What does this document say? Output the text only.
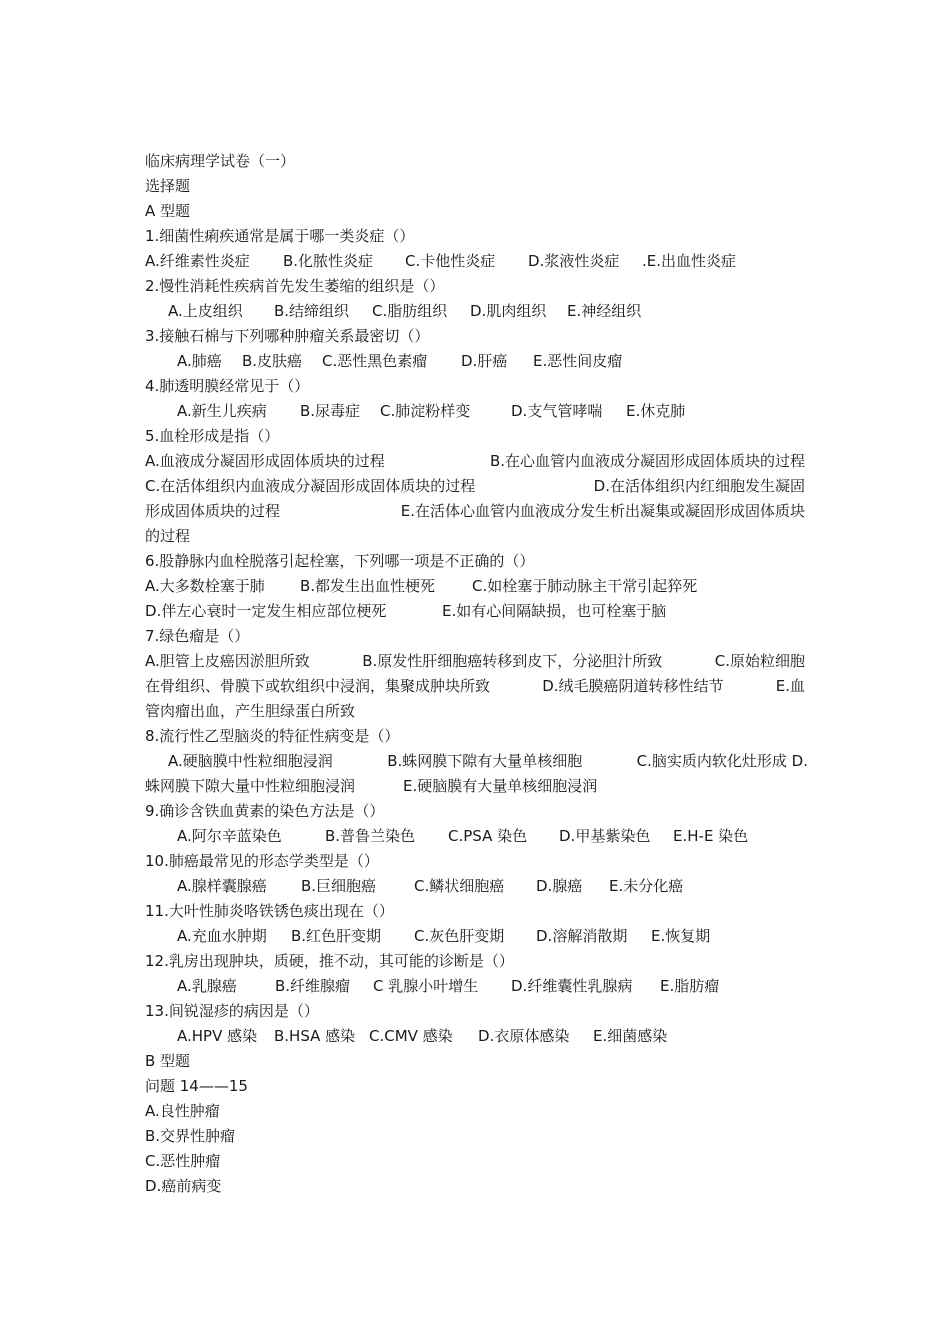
临床病理学试卷（一）
选择题
A 型题
1.细菌性痢疾通常是属于哪一类炎症（）
A.纤维素性炎症 B.化脓性炎症 C.卡他性炎症 D.浆液性炎症 .E.出血性炎症
2.慢性消耗性疾病首先发生萎缩的组织是（）
A.上皮组织 B.结缔组织 C.脂肪组织 D.肌肉组织 E.神经组织
3.接触石棉与下列哪种肿瘤关系最密切（）
A.肺癌 B.皮肤癌 C.恶性黑色素瘤 D.肝癌 E.恶性间皮瘤
4.肺透明膜经常见于（）
A.新生儿疾病 B.尿毒症 C.肺淀粉样变	D.支气管哮喘 E.休克肺
5.血栓形成是指（）
A.血液成分凝固形成固体质块的过程	B.在心血管内血液成分凝固形成固体质块的过程
C.在活体组织内血液成分凝固形成固体质块的过程	D.在活体组织内红细胞发生凝固
形成固体质块的过程	E.在活体心血管内血液成分发生析出凝集或凝固形成固体质块
的过程
6.股静脉内血栓脱落引起栓塞，下列哪一项是不正确的（）
A.大多数栓塞于肺 B.都发生出血性梗死 C.如栓塞于肺动脉主干常引起猝死
D.伴左心衰时一定发生相应部位梗死	E.如有心间隔缺损，也可栓塞于脑
7.绿色瘤是（）
A.胆管上皮癌因淤胆所致	B.原发性肝细胞癌转移到皮下，分泌胆汁所致	C.原始粒细胞
在骨组织、骨膜下或软组织中浸润，集聚成肿块所致	D.绒毛膜癌阴道转移性结节	E.血
管肉瘤出血，产生胆绿蛋白所致
8.流行性乙型脑炎的特征性病变是（）
A.硬脑膜中性粒细胞浸润	B.蛛网膜下隙有大量单核细胞	C.脑实质内软化灶形成 D.
蛛网膜下隙大量中性粒细胞浸润	E.硬脑膜有大量单核细胞浸润
9.确诊含铁血黄素的染色方法是（）
A.阿尔辛蓝染色	B.普鲁兰染色 C.PSA 染色 D.甲基紫染色 E.H-E 染色
10.肺癌最常见的形态学类型是（）
A.腺样囊腺癌 B.巨细胞癌	C.鳞状细胞癌 D.腺癌 E.未分化癌
11.大叶性肺炎咯铁锈色痰出现在（）
A.充血水肿期 B.红色肝变期 C.灰色肝变期 D.溶解消散期 E.恢复期
12.乳房出现肿块，质硬，推不动，其可能的诊断是（）
A.乳腺癌	B.纤维腺瘤 C 乳腺小叶增生 D.纤维囊性乳腺病 E.脂肪瘤
13.间锐湿疹的病因是（）
A.HPV 感染 B.HSA 感染 C.CMV 感染 D.衣原体感染 E.细菌感染
B 型题
问题 14——15
A.良性肿瘤
B.交界性肿瘤
C.恶性肿瘤
D.癌前病变
